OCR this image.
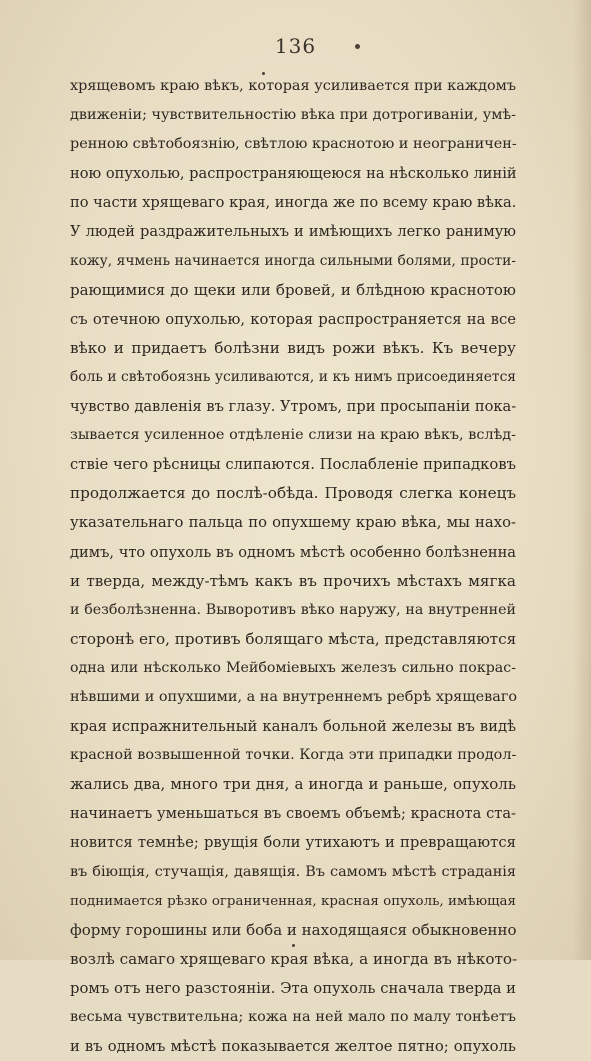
136
хрящевомъ краю вѣкъ, которая усиливается при каждомъ
движеніи; чувствительностію вѣка при дотрогиваніи, умѣ-
ренною свѣтобоязнію, свѣтлою краснотою и неограничен-
ною опухолью, распространяющеюся на нѣсколько линій
по части хрящеваго края, иногда же по всему краю вѣка.
У людей раздражительныхъ и имѣющихъ легко ранимую
кожу, ячмень начинается иногда сильными болями, прости-
рающимися до щеки или бровей, и блѣдною краснотою
съ отечною опухолью, которая распространяется на все
вѣко и придаетъ болѣзни видъ рожи вѣкъ. Къ вечеру
боль и свѣтобоязнь усиливаются, и къ нимъ присоединяется
чувство давленія въ глазу. Утромъ, при просыпаніи пока-
зывается усиленное отдѣленіе слизи на краю вѣкъ, вслѣд-
ствіе чего рѣсницы слипаются. Послабленіе припадковъ
продолжается до послѣ-обѣда. Проводя слегка конецъ
указательнаго пальца по опухшему краю вѣка, мы нахо-
димъ, что опухоль въ одномъ мѣстѣ особенно болѣзненна
и тверда, между-тѣмъ какъ въ прочихъ мѣстахъ мягка
и безболѣзненна. Выворотивъ вѣко наружу, на внутренней
сторонѣ его, противъ болящаго мѣста, представляются
одна или нѣсколько Мейбоміевыхъ железъ сильно покрас-
нѣвшими и опухшими, а на внутреннемъ ребрѣ хрящеваго
края испражнительный каналъ больной железы въ видѣ
красной возвышенной точки. Когда эти припадки продол-
жались два, много три дня, а иногда и раньше, опухоль
начинаетъ уменьшаться въ своемъ объемѣ; краснота ста-
новится темнѣе; рвущія боли утихаютъ и превращаются
въ біющія, стучащія, давящія. Въ самомъ мѣстѣ страданія
поднимается рѣзко ограниченная, красная опухоль, имѣющая
форму горошины или боба и находящаяся обыкновенно
возлѣ самаго хрящеваго края вѣка, а иногда въ нѣкото-
ромъ отъ него разстояніи. Эта опухоль сначала тверда и
весьма чувствительна; кожа на ней мало по малу тонѣетъ
и въ одномъ мѣстѣ показывается желтое пятно; опухоль
